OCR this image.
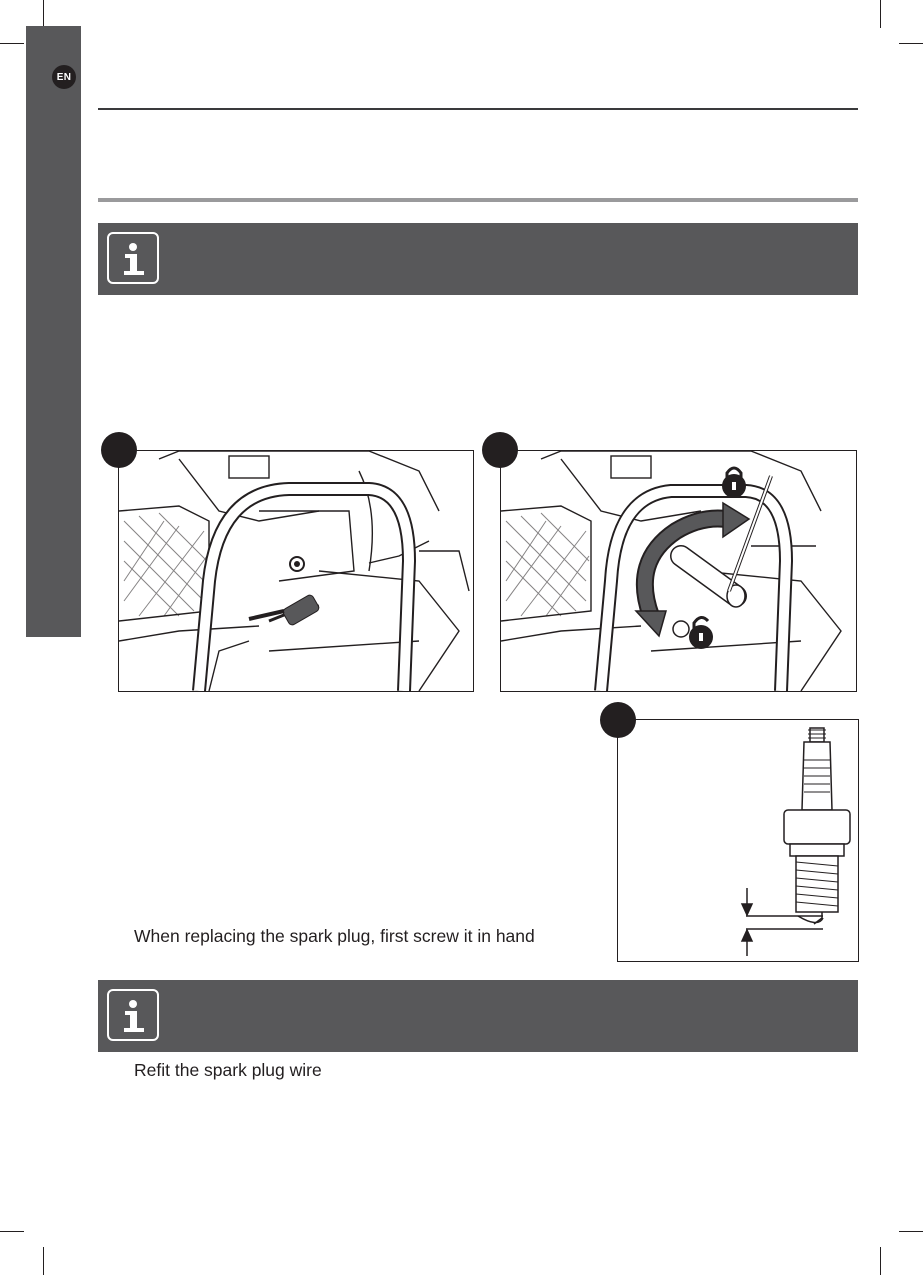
EN
When replacing the spark plug, first screw it in hand
Refit the spark plug wire
